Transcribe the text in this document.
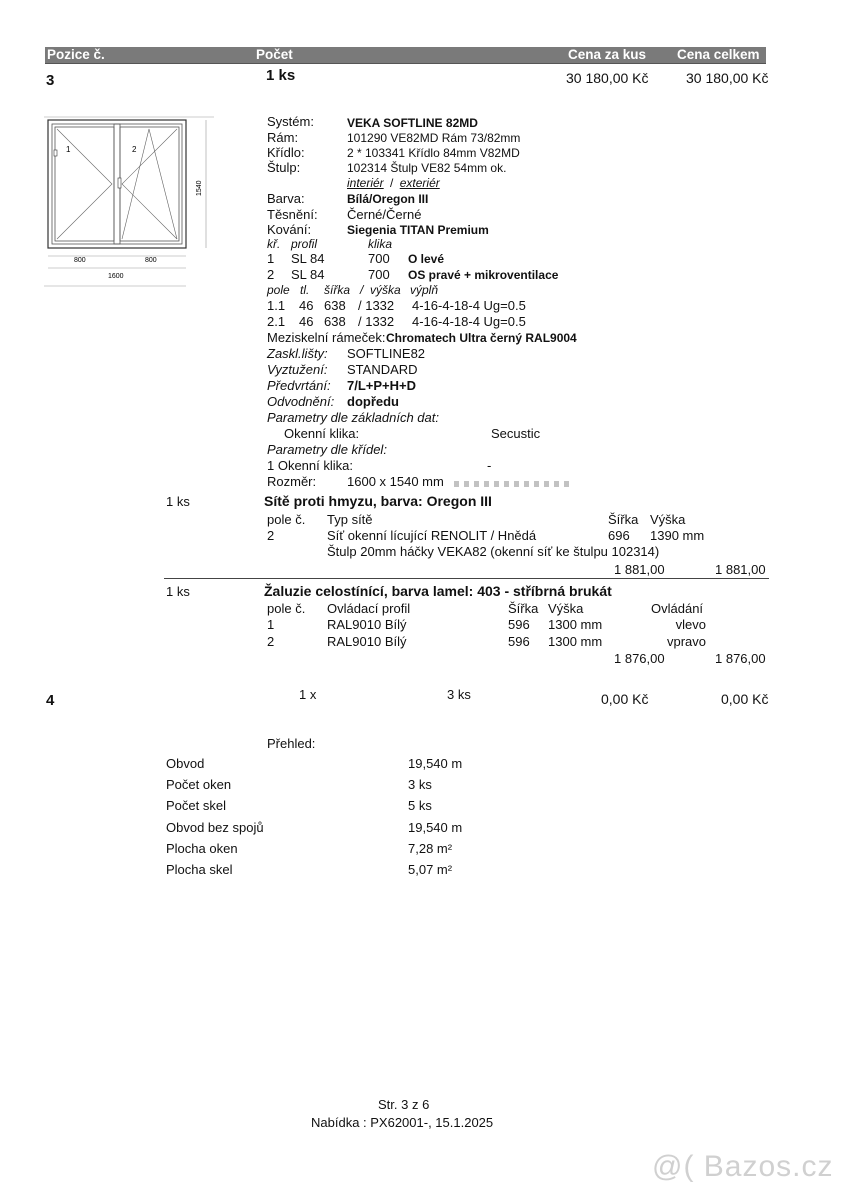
Pozice č.	Počet	Cena za kus Cena celkem
3	1 ks	30 180,00 Kč	30 180,00 Kč
1	2
1540
800	800
1600
Systém:	VEKA SOFTLINE 82MD
Rám:	101290 VE82MD Rám 73/82mm
Křídlo:	2 * 103341 Křídlo 84mm V82MD
Štulp:	102314 Štulp VE82 54mm ok.
interiér / exteriér
Barva:	Bílá/Oregon III
Těsnění: Černé/Černé
Kování:	Siegenia TITAN Premium
kř. profil	klika
1 SL 84	700 O levé
2 SL 84	700 OS pravé + mikroventilace
pole tl. šířka / výška výplň
1.1 46 638 / 1332 4-16-4-18-4 Ug=0.5
2.1 46 638 / 1332 4-16-4-18-4 Ug=0.5
Meziskelní rámeček: Chromatech Ultra černý RAL9004
Zaskl.lišty: SOFTLINE82
Vyztužení: STANDARD
Předvrtání: 7/L+P+H+D
Odvodnění: dopředu
Parametry dle základních dat:
Okenní klika:	Secustic
Parametry dle křídel:
1 Okenní klika:	-
Rozměr: 1600 x 1540 mm
1 ks	Sítě proti hmyzu, barva: Oregon III
pole č. Typ sítě	Šířka Výška
2	Síť okenní lícující RENOLIT / Hnědá	696 1390 mm
Štulp 20mm háčky VEKA82 (okenní síť ke štulpu 102314)
1 881,00	1 881,00
1 ks	Žaluzie celostínící, barva lamel: 403 - stříbrná brukát
pole č. Ovládací profil	Šířka Výška	Ovládání
1	RAL9010 Bílý	596 1300 mm	vlevo
2	RAL9010 Bílý	596 1300 mm	vpravo
1 876,00	1 876,00
4	1 x	3 ks	0,00 Kč	0,00 Kč
Přehled:
Obvod	19,540 m
Počet oken	3 ks
Počet skel	5 ks
Obvod bez spojů	19,540 m
Plocha oken	7,28 m²
Plocha skel	5,07 m²
Str. 3 z 6
Nabídka : PX62001-, 15.1.2025
@( Bazos.cz
